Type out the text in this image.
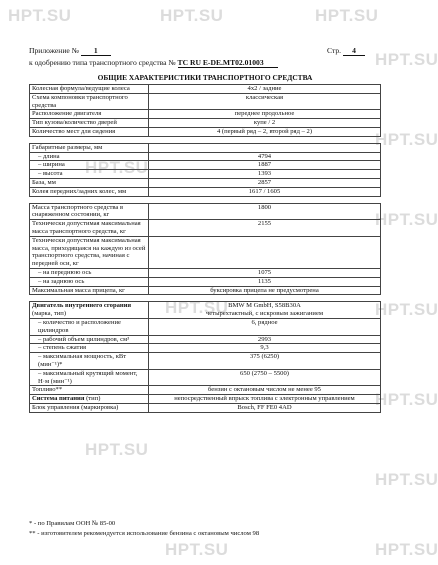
HPT.SU	HPT.SU	HPT.SU
HPT.SU
HPT.SU
HPT.SU
HPT.SU
HPT.SU	HPT.SU
HPT.SU
HPT.SU
HPT.SU
HPT.SU	HPT.SU
Приложение № 1	Стр. 4
к одобрению типа транспортного средства № TC RU E-DE.MT02.01003
ОБЩИЕ ХАРАКТЕРИСТИКИ ТРАНСПОРТНОГО СРЕДСТВА
Колесная формула/ведущие колеса	4x2 / задние
Схема компоновки транспортного средства	классическая
Расположение двигателя	переднее продольное
Тип кузова/количество дверей	купе / 2
Количество мест для сидения	4 (первый ряд – 2, второй ряд – 2)

Габаритные размеры, мм	
– длина	4794
– ширина	1887
– высота	1393
База, мм	2857
Колея передних/задних колес, мм	1617 / 1605

Масса транспортного средства в снаряженном состоянии, кг	1800
Технически допустимая максимальная масса транспортного средства, кг	2155
Технически допустимая максимальная масса, приходящаяся на каждую из осей транспортного средства, начиная с передней оси, кг	
– на переднюю ось	1075
– на заднюю ось	1135
Максимальная масса прицепа, кг	буксировка прицепа не предусмотрена

Двигатель внутреннего сгорания (марка, тип)	BMW M GmbH, S58B30A
четырехтактный, с искровым зажиганием

– количество и расположение цилиндров	6, рядное
– рабочий объем цилиндров, см³	2993
– степень сжатия	9,3
– максимальная мощность, кВт (мин⁻¹)*	375 (6250)
– максимальный крутящий момент, Н·м (мин⁻¹)	650 (2750 – 5500)
Топливо**	бензин с октановым числом не менее 95
Система питания (тип)	непосредственный впрыск топлива с электронным управлением
Блок управления (маркировка)	Bosch, FF FE0 4AD
* - по Правилам ООН № 85-00
** - изготовителем рекомендуется использование бензина с октановым числом 98
